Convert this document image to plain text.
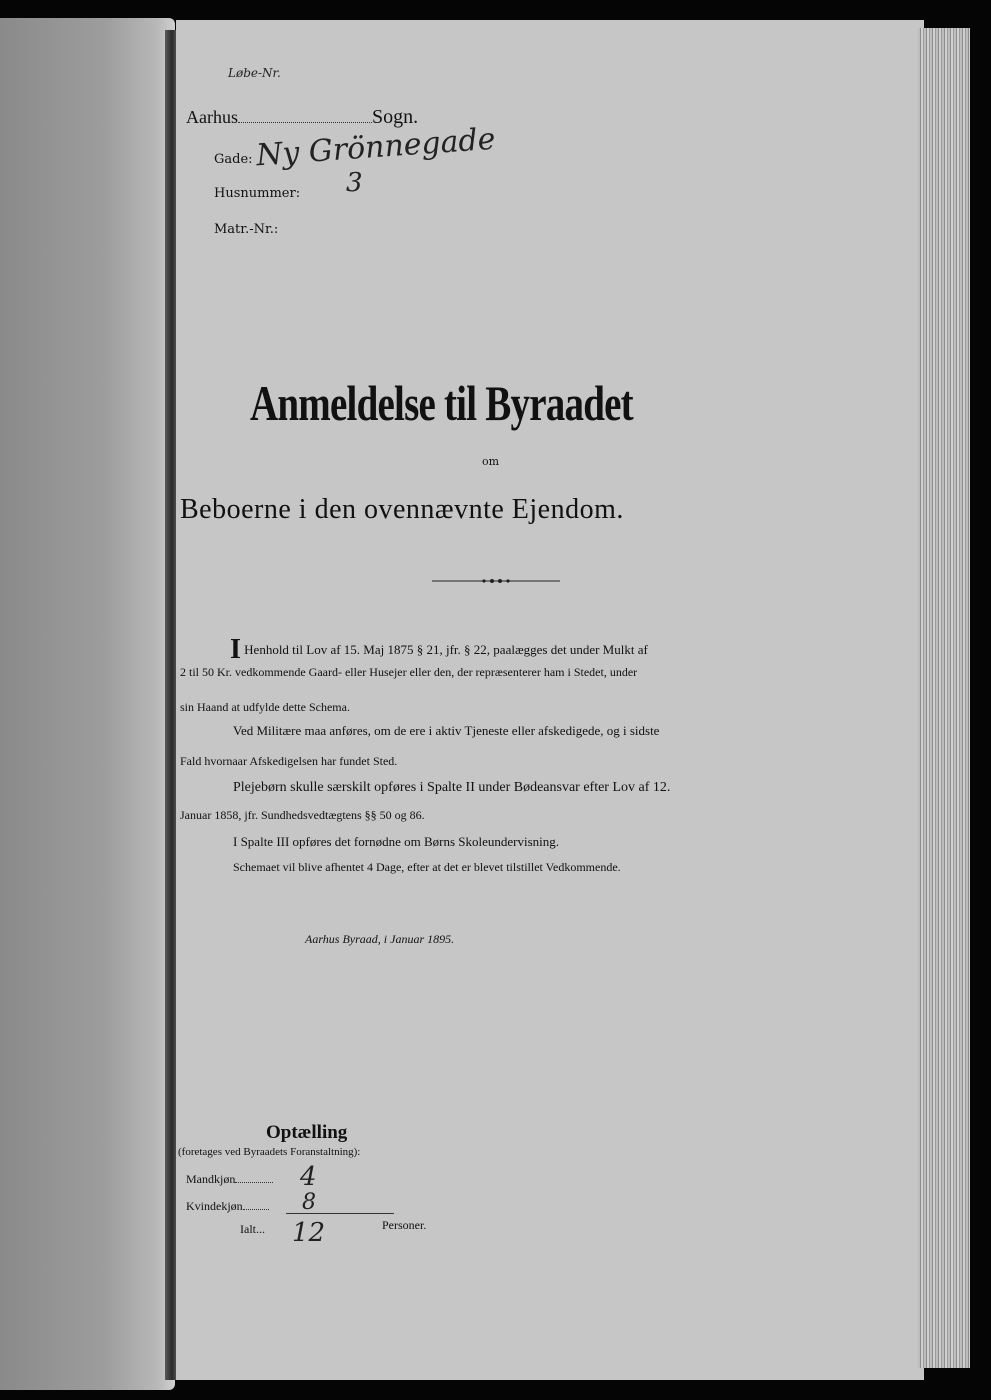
Løbe-Nr.
Aarhus	Sogn.
Gade: Ny Grönnegade
Husnummer: 3
Matr.-Nr.:
Anmeldelse til Byraadet
om
Beboerne i den ovennævnte Ejendom.
I Henhold til Lov af 15. Maj 1875 § 21, jfr. § 22, paalægges det under Mulkt af
2 til 50 Kr. vedkommende Gaard- eller Husejer eller den, der repræsenterer ham i Stedet, under
sin Haand at udfylde dette Schema.
Ved Militære maa anføres, om de ere i aktiv Tjeneste eller afskedigede, og i sidste
Fald hvornaar Afskedigelsen har fundet Sted.
Plejebørn skulle særskilt opføres i Spalte II under Bødeansvar efter Lov af 12.
Januar 1858, jfr. Sundhedsvedtægtens §§ 50 og 86.
I Spalte III opføres det fornødne om Børns Skoleundervisning.
Schemaet vil blive afhentet 4 Dage, efter at det er blevet tilstillet Vedkommende.
Aarhus Byraad, i Januar 1895.
Optælling
(foretages ved Byraadets Foranstaltning):
Mandkjøn	4
Kvindekjøn	8
Ialt... 12	Personer.
